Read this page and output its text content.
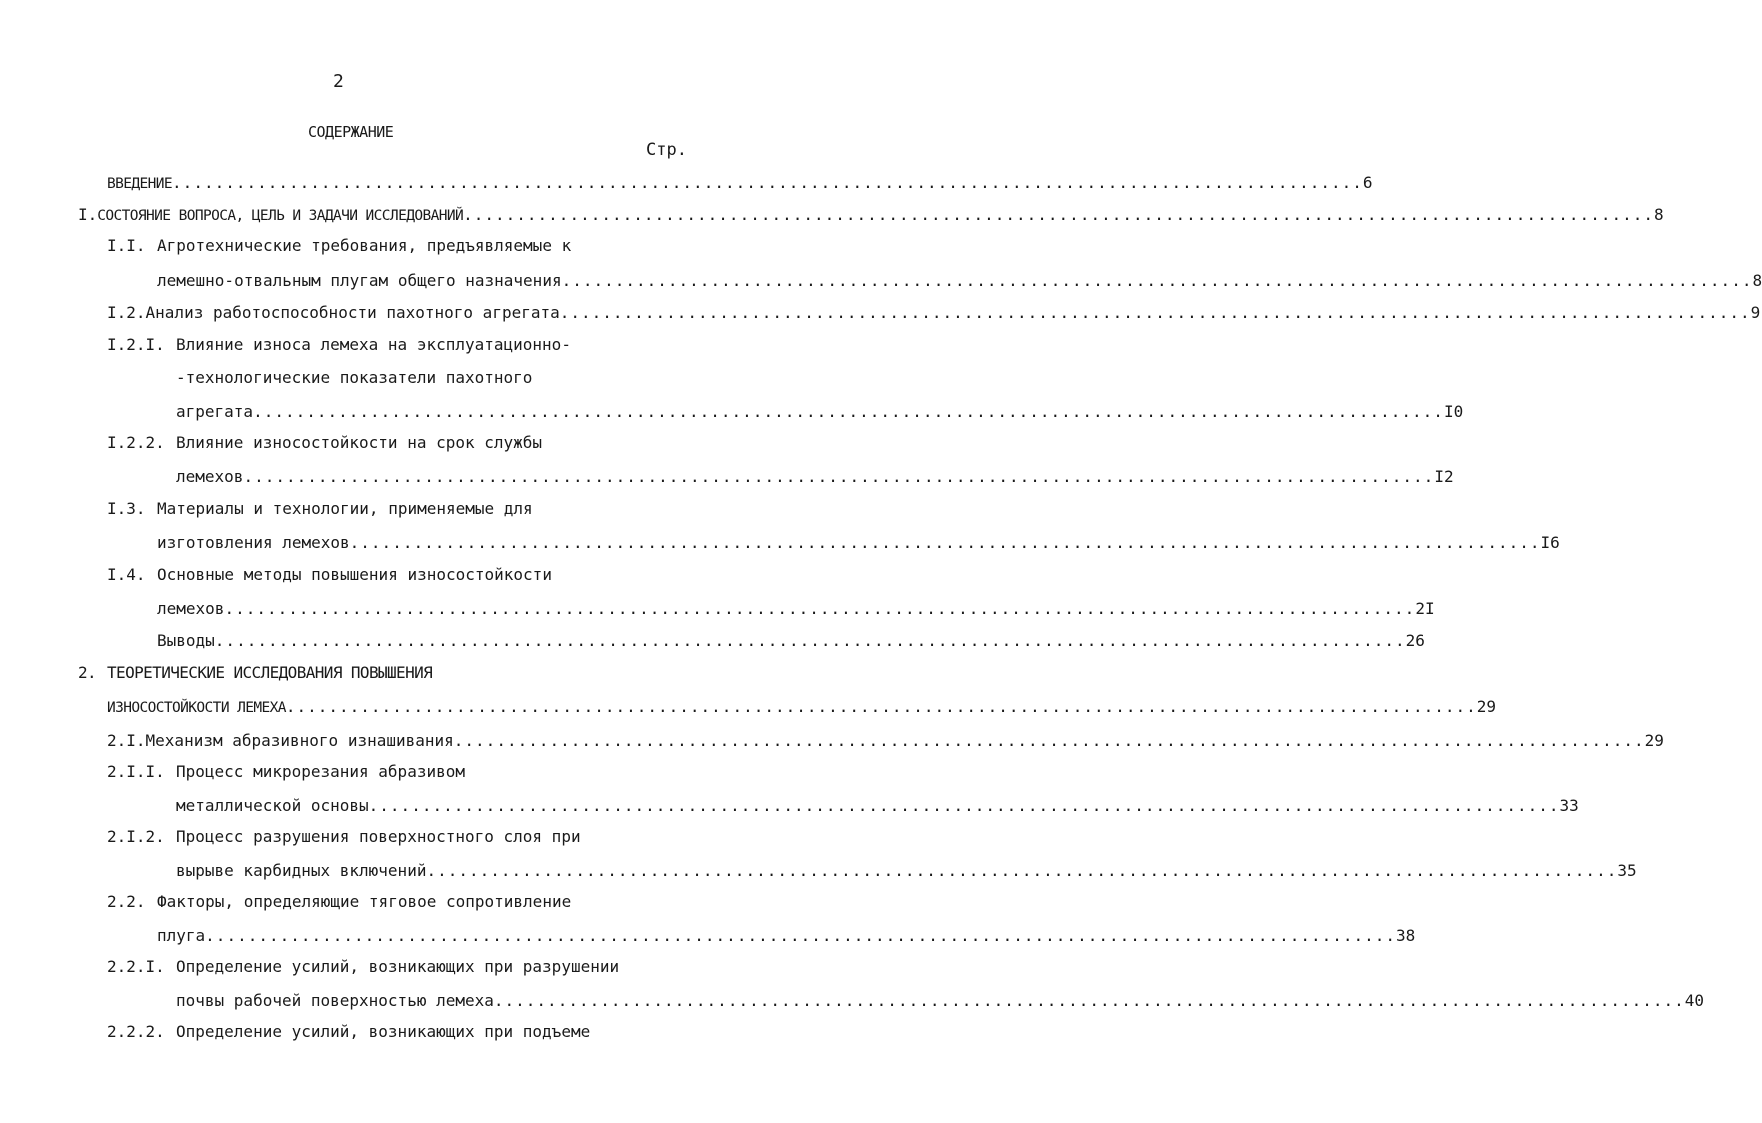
2
СОДЕРЖАНИЕ
Стр.
ВВЕДЕНИЕ .....	6
I. СОСТОЯНИЕ ВОПРОСА, ЦЕЛЬ И ЗАДАЧИ ИССЛЕДОВАНИЙ .....	8
I.I. Агротехнические требования, предъявляемые к
лемешно-отвальным плугам общего назначения .....	8
I.2. Анализ работоспособности пахотного агрегата .....	9
I.2.I. Влияние износа лемеха на эксплуатационно-
-технологические показатели пахотного
агрегата .....	I0
I.2.2. Влияние износостойкости на срок службы
лемехов .....	I2
I.3. Материалы и технологии, применяемые для
изготовления лемехов .....	I6
I.4. Основные методы повышения износостойкости
лемехов .....	2I
Выводы .....	26
2. ТЕОРЕТИЧЕСКИЕ ИССЛЕДОВАНИЯ ПОВЫШЕНИЯ
ИЗНОСОСТОЙКОСТИ ЛЕМЕХА .....	29
2.I. Механизм абразивного изнашивания .....	29
2.I.I. Процесс микрорезания абразивом
металлической основы .....	33
2.I.2. Процесс разрушения поверхностного слоя при
вырыве карбидных включений .....	35
2.2. Факторы, определяющие тяговое сопротивление
плуга .....	38
2.2.I. Определение усилий, возникающих при разрушении
почвы рабочей поверхностью лемеха .....	40
2.2.2. Определение усилий, возникающих при подъеме
